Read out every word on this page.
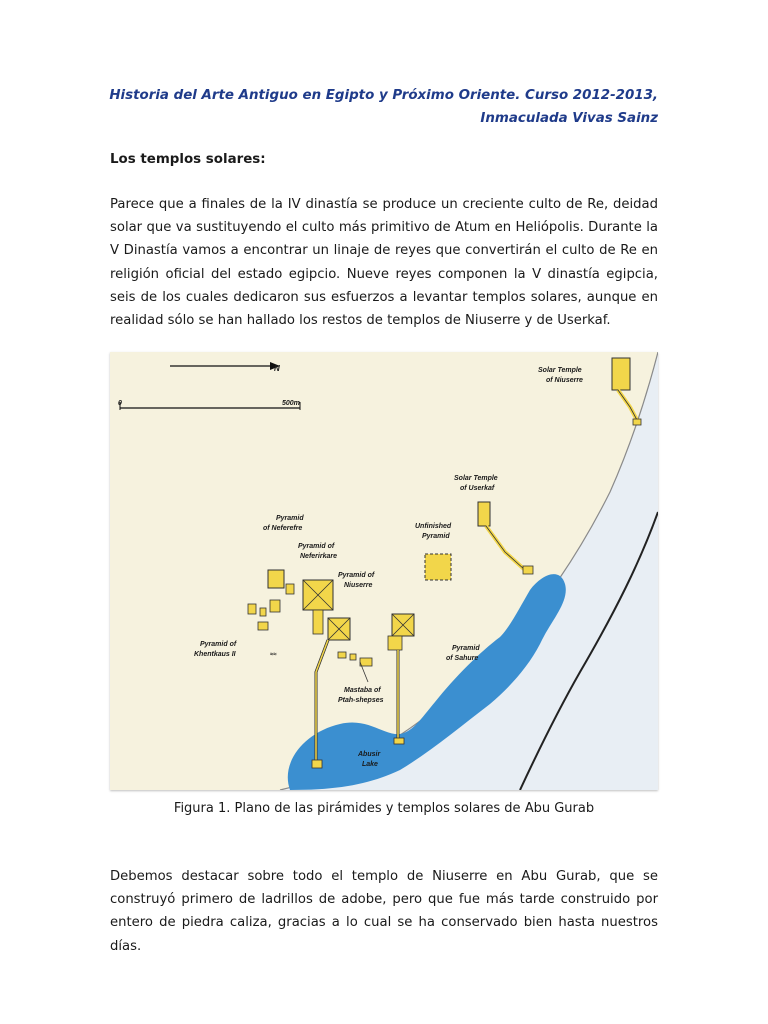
Historia del Arte Antiguo en Egipto y Próximo Oriente. Curso 2012-2013,
Inmaculada Vivas Sainz
Los templos solares:

Parece que a finales de la IV dinastía se produce un creciente culto de Re, deidad solar que va sustituyendo el culto más primitivo de Atum en Heliópolis. Durante la V Dinastía vamos a encontrar un linaje de reyes que convertirán el culto de Re en religión oficial del estado egipcio. Nueve reyes componen la V dinastía egipcia, seis de los cuales dedicaron sus esfuerzos a levantar templos solares, aunque en realidad sólo se han hallado los restos de templos de Niuserre y de Userkaf.

N
0	500m
Solar Temple
of Niuserre
Solar Temple
of Userkaf
Unfinished
Pyramid
Pyramid
of Neferefre
Pyramid of
Neferirkare
Pyramid of
Niuserre
≈≈
Pyramid of
Khentkaus II
Mastaba of
Ptah-shepses
Pyramid
of Sahure
Abusir
Lake
Figura 1. Plano de las pirámides y templos solares de Abu Gurab

Debemos destacar sobre todo el templo de Niuserre en Abu Gurab, que se construyó primero de ladrillos de adobe, pero que fue más tarde construido por entero de piedra caliza, gracias a lo cual se ha conservado bien hasta nuestros días.
